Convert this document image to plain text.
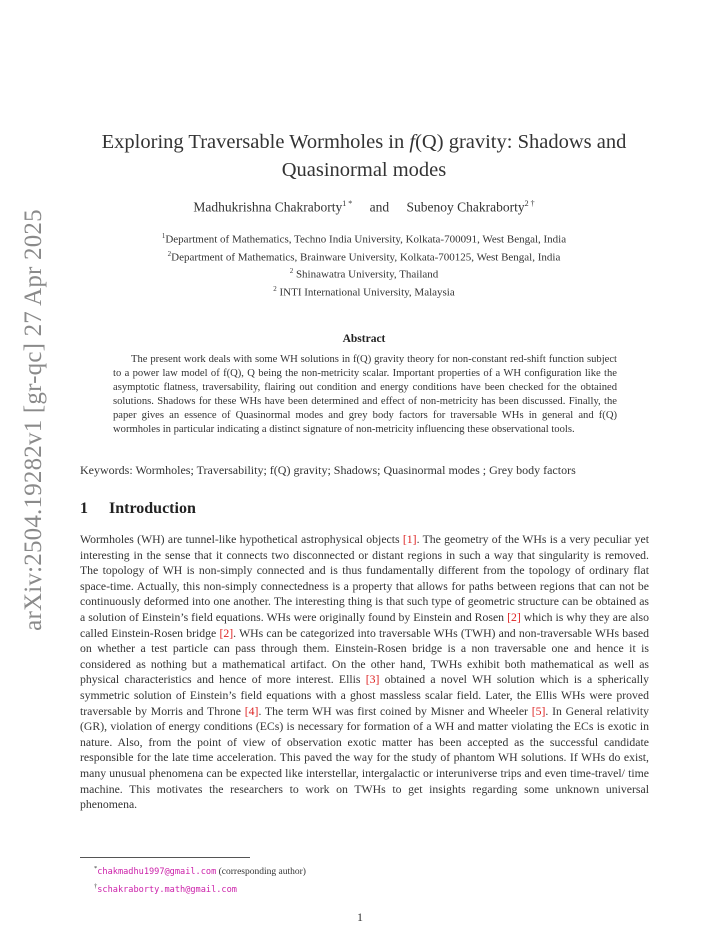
arXiv:2504.19282v1 [gr-qc] 27 Apr 2025
Exploring Traversable Wormholes in f(Q) gravity: Shadows and
Quasinormal modes
Madhukrishna Chakraborty$^{1 *}$ and Subenoy Chakraborty$^{2 \dagger}$
$^1$Department of Mathematics, Techno India University, Kolkata-700091, West Bengal, India
$^2$Department of Mathematics, Brainware University, Kolkata-700125, West Bengal, India
$^2$ Shinawatra University, Thailand
$^2$ INTI International University, Malaysia
Abstract
The present work deals with some WH solutions in f(Q) gravity theory for non-constant red-shift function subject to a power law model of f(Q), Q being the non-metricity scalar. Important properties of a WH configuration like the asymptotic flatness, traversability, flairing out condition and energy conditions have been checked for the obtained solutions. Shadows for these WHs have been determined and effect of non-metricity has been discussed. Finally, the paper gives an essence of Quasinormal modes and grey body factors for traversable WHs in general and f(Q) wormholes in particular indicating a distinct signature of non-metricity influencing these observational tools.
Keywords: Wormholes; Traversability; f(Q) gravity; Shadows; Quasinormal modes ; Grey body factors
1 Introduction

Wormholes (WH) are tunnel-like hypothetical astrophysical objects [1]. The geometry of the WHs is a very peculiar yet interesting in the sense that it connects two disconnected or distant regions in such a way that singularity is removed. The topology of WH is non-simply connected and is thus fundamentally different from the topology of ordinary flat space-time. Actually, this non-simply connectedness is a property that allows for paths between regions that can not be continuously deformed into one another. The interesting thing is that such type of geometric structure can be obtained as a solution of Einstein’s field equations. WHs were originally found by Einstein and Rosen [2] which is why they are also called Einstein-Rosen bridge [2]. WHs can be categorized into traversable WHs (TWH) and non-traversable WHs based on whether a test particle can pass through them. Einstein-Rosen bridge is a non traversable one and hence it is considered as nothing but a mathematical artifact. On the other hand, TWHs exhibit both mathematical as well as physical characteristics and hence of more interest. Ellis [3] obtained a novel WH solution which is a spherically symmetric solution of Einstein’s field equations with a ghost massless scalar field. Later, the Ellis WHs were proved traversable by Morris and Throne [4]. The term WH was first coined by Misner and Wheeler [5]. In General relativity (GR), violation of energy conditions (ECs) is necessary for formation of a WH and matter violating the ECs is exotic in nature. Also, from the point of view of observation exotic matter has been accepted as the successful candidate responsible for the late time acceleration. This paved the way for the study of phantom WH solutions. If WHs do exist, many unusual phenomena can be expected like interstellar, intergalactic or interuniverse trips and even time-travel/ time machine. This motivates the researchers to work on TWHs to get insights regarding some unknown universal phenomena.

*chakmadhu1997@gmail.com (corresponding author)
†schakraborty.math@gmail.com
1
